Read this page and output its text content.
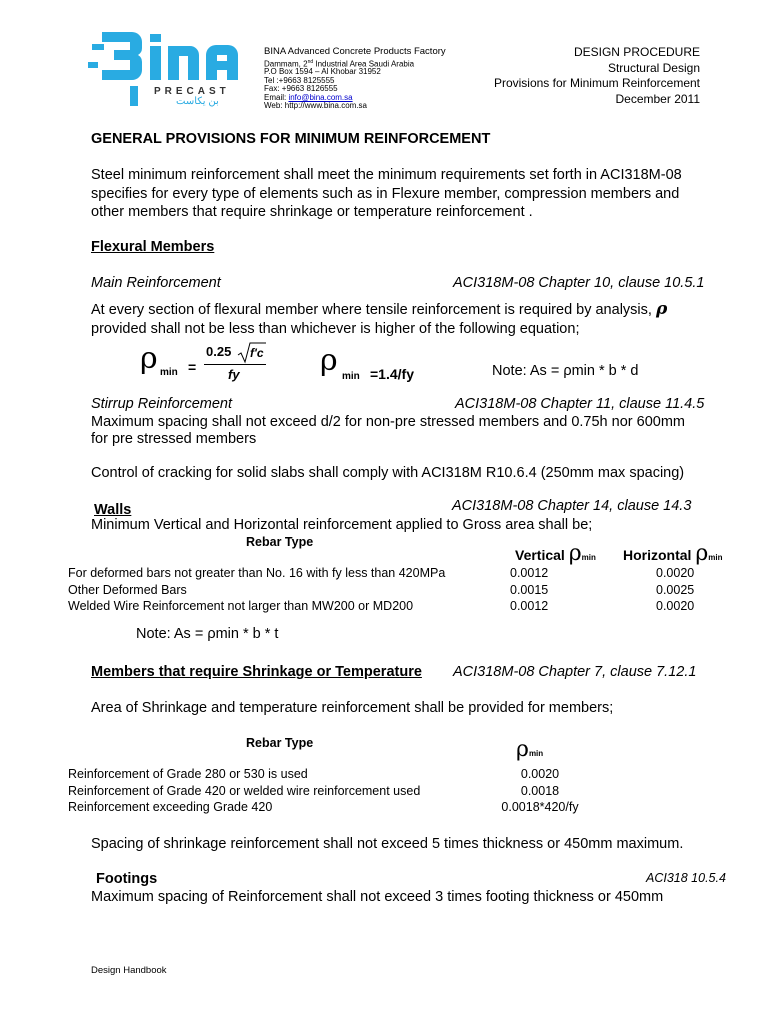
PRECAST
بن يكاست
BINA Advanced Concrete Products Factory
Dammam, 2nd Industrial Area Saudi Arabia
P.O Box 1594 – Al Khobar 31952
Tel :+9663 8125555
Fax: +9663 8126555
Email: info@bina.com.sa
Web: http://www.bina.com.sa
DESIGN PROCEDURE
Structural Design
Provisions for Minimum Reinforcement
December 2011
GENERAL PROVISIONS FOR MINIMUM REINFORCEMENT
Steel minimum reinforcement shall meet the minimum requirements set forth in ACI318M-08
specifies for every type of elements such as in Flexure member, compression members and
other members that require shrinkage or temperature reinforcement .
Flexural Members
Main Reinforcement	ACI318M-08 Chapter 10, clause 10.5.1
At every section of flexural member where tensile reinforcement is required by analysis, ρ
provided shall not be less than whichever is higher of the following equation;
ρ min =
0.25 f'c
fy	ρ min =1.4/fy	Note: As = ρmin * b * d
Stirrup Reinforcement	ACI318M-08 Chapter 11, clause 11.4.5
Maximum spacing shall not exceed d/2 for non-pre stressed members and 0.75h nor 600mm
for pre stressed members
Control of cracking for solid slabs shall comply with ACI318M R10.6.4 (250mm max spacing)
Walls	ACI318M-08 Chapter 14, clause 14.3
Minimum Vertical and Horizontal reinforcement applied to Gross area shall be;
Rebar Type
Vertical ρmin Horizontal ρmin
For deformed bars not greater than No. 16 with fy less than 420MPa	0.0012	0.0020
Other Deformed Bars	0.0015	0.0025
Welded Wire Reinforcement not larger than MW200 or MD200	0.0012	0.0020
Note: As = ρmin * b * t
Members that require Shrinkage or Temperature ACI318M-08 Chapter 7, clause 7.12.1
Area of Shrinkage and temperature reinforcement shall be provided for members;
Rebar Type	ρmin
Reinforcement of Grade 280 or 530 is used	0.0020
Reinforcement of Grade 420 or welded wire reinforcement used	0.0018
Reinforcement exceeding Grade 420	0.0018*420/fy
Spacing of shrinkage reinforcement shall not exceed 5 times thickness or 450mm maximum.
Footings	ACI318 10.5.4
Maximum spacing of Reinforcement shall not exceed 3 times footing thickness or 450mm
Design Handbook
